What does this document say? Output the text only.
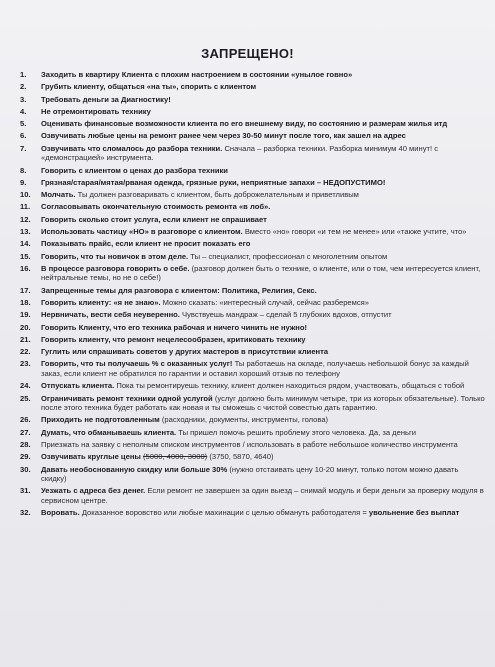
ЗАПРЕЩЕНО!
1. Заходить в квартиру Клиента с плохим настроением в состоянии «унылое говно»
2. Грубить клиенту, общаться «на ты», спорить с клиентом
3. Требовать деньги за Диагностику!
4. Не отремонтировать технику
5. Оценивать финансовые возможности клиента по его внешнему виду, по состоянию и размерам жилья итд
6. Озвучивать любые цены на ремонт ранее чем через 30-50 минут после того, как зашел на адрес
7. Озвучивать что сломалось до разбора техники. Сначала – разборка техники. Разборка минимум 40 минут! с «демонстрацией» инструмента.
8. Говорить с клиентом о ценах до разбора техники
9. Грязная/старая/мятая/рваная одежда, грязные руки, неприятные запахи – НЕДОПУСТИМО!
10. Молчать. Ты должен разговаривать с клиентом, быть доброжелательным и приветливым
11. Согласовывать окончательную стоимость ремонта «в лоб».
12. Говорить сколько стоит услуга, если клиент не спрашивает
13. Использовать частицу «НО» в разговоре с клиентом. Вместо «но» говори «и тем не менее» или «также учтите, что»
14. Показывать прайс, если клиент не просит показать его
15. Говорить, что ты новичок в этом деле. Ты – специалист, профессионал с многолетним опытом
16. В процессе разговора говорить о себе. (разговор должен быть о технике, о клиенте, или о том, чем интересуется клиент, нейтральные темы, но не о себе!)
17. Запрещенные темы для разговора с клиентом: Политика, Религия, Секс.
18. Говорить клиенту: «я не знаю». Можно сказать: «интересный случай, сейчас разберемся»
19. Нервничать, вести себя неуверенно. Чувствуешь мандраж – сделай 5 глубоких вдохов, отпустит
20. Говорить Клиенту, что его техника рабочая и ничего чинить не нужно!
21. Говорить клиенту, что ремонт нецелесообразен, критиковать технику
22. Гуглить или спрашивать советов у других мастеров в присутствии клиента
23. Говорить, что ты получаешь % с оказанных услуг! Ты работаешь на окладе, получаешь небольшой бонус за каждый заказ, если клиент не обратился по гарантии и оставил хороший отзыв по телефону
24. Отпускать клиента. Пока ты ремонтируешь технику, клиент должен находиться рядом, участвовать, общаться с тобой
25. Ограничивать ремонт техники одной услугой (услуг должно быть минимум четыре, три из которых обязательные). Только после этого техника будет работать как новая и ты сможешь с чистой совестью дать гарантию.
26. Приходить не подготовленным (расходники, документы, инструменты, голова)
27. Думать, что обманываешь клиента. Ты пришел помочь решить проблему этого человека. Да, за деньги
28. Приезжать на заявку с неполным списком инструментов / использовать в работе небольшое количество инструмента
29. Озвучивать круглые цены (5000, 4000, 3000) (3750, 5870, 4640)
30. Давать необоснованную скидку или больше 30% (нужно отстаивать цену 10-20 минут, только потом можно давать скидку)
31. Уезжать с адреса без денег. Если ремонт не завершен за один выезд – снимай модуль и бери деньги за проверку модуля в сервисном центре.
32. Воровать. Доказанное воровство или любые махинации с целью обмануть работодателя = увольнение без выплат
